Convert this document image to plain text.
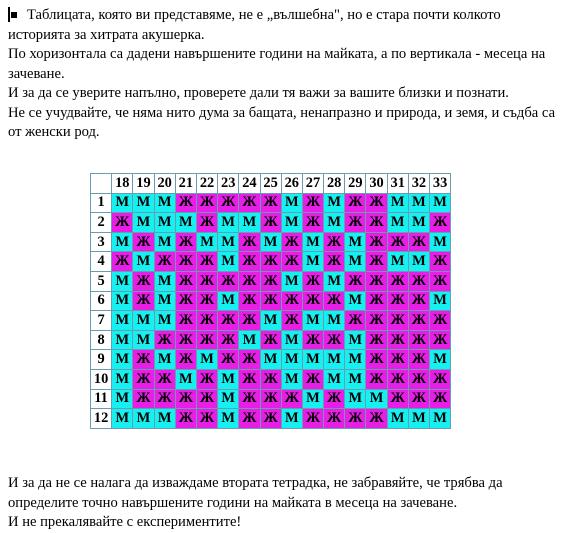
Таблицата, която ви представяме, не е „вълшебна", но е стара почти колкото историята за хитрата акушерка.

По хоризонтала са дадени навършените години на майката, а по вертикала - месеца на зачеване.

И за да се уверите напълно, проверете дали тя важи за вашите близки и познати.

Не се учудвайте, че няма нито дума за бащата, ненапразно и природа, и земя, и съдба са от женски род.

	18	19	20	21	22	23	24	25	26	27	28	29	30	31	32	33
1	М	М	М	Ж	Ж	Ж	Ж	Ж	М	Ж	М	Ж	Ж	М	М	М
2	Ж	М	М	М	Ж	М	М	Ж	М	Ж	М	Ж	Ж	М	М	Ж
3	М	Ж	М	Ж	М	М	Ж	М	Ж	М	Ж	М	Ж	Ж	Ж	М
4	Ж	М	Ж	Ж	Ж	М	Ж	Ж	Ж	М	Ж	М	Ж	М	М	Ж
5	М	Ж	М	Ж	Ж	Ж	Ж	Ж	М	Ж	М	Ж	Ж	Ж	Ж	Ж
6	М	Ж	М	Ж	Ж	М	Ж	Ж	Ж	Ж	Ж	М	Ж	Ж	Ж	М
7	М	М	М	Ж	Ж	Ж	Ж	М	Ж	М	М	Ж	Ж	Ж	Ж	Ж
8	М	М	Ж	Ж	Ж	Ж	М	Ж	М	Ж	Ж	М	Ж	Ж	Ж	Ж
9	М	Ж	М	Ж	М	Ж	Ж	М	М	М	М	М	Ж	Ж	Ж	М
10	М	Ж	Ж	М	Ж	М	Ж	Ж	М	Ж	М	М	Ж	Ж	Ж	Ж
11	М	Ж	Ж	Ж	Ж	М	Ж	Ж	Ж	М	Ж	М	М	Ж	Ж	Ж
12	М	М	М	Ж	Ж	М	Ж	Ж	М	Ж	Ж	Ж	Ж	М	М	М

И за да не се налага да изваждаме втората тетрадка, не забравяйте, че трябва да определите точно навършените години на майката в месеца на зачеване.

И не прекалявайте с експериментите!
